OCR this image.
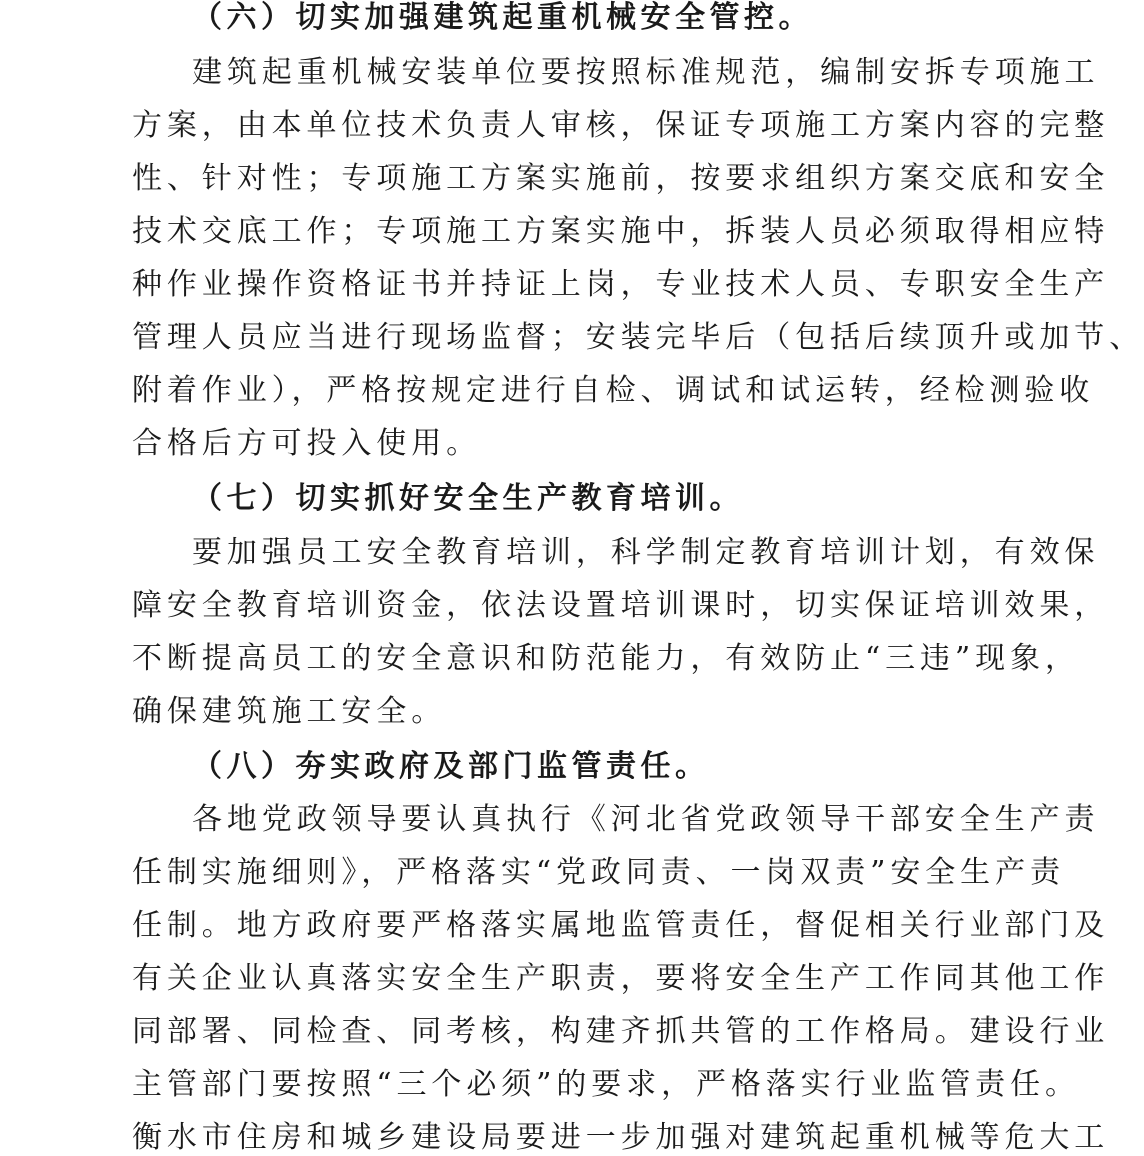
（六）切实加强建筑起重机械安全管控。
建筑起重机械安装单位要按照标准规范，编制安拆专项施工
方案，由本单位技术负责人审核，保证专项施工方案内容的完整
性、针对性；专项施工方案实施前，按要求组织方案交底和安全
技术交底工作；专项施工方案实施中，拆装人员必须取得相应特
种作业操作资格证书并持证上岗，专业技术人员、专职安全生产
管理人员应当进行现场监督；安装完毕后（包括后续顶升或加节、
附着作业），严格按规定进行自检、调试和试运转，经检测验收
合格后方可投入使用。
（七）切实抓好安全生产教育培训。
要加强员工安全教育培训，科学制定教育培训计划，有效保
障安全教育培训资金，依法设置培训课时，切实保证培训效果，
不断提高员工的安全意识和防范能力，有效防止“三违”现象，
确保建筑施工安全。
（八）夯实政府及部门监管责任。
各地党政领导要认真执行《河北省党政领导干部安全生产责
任制实施细则》，严格落实“党政同责、一岗双责”安全生产责
任制。地方政府要严格落实属地监管责任，督促相关行业部门及
有关企业认真落实安全生产职责，要将安全生产工作同其他工作
同部署、同检查、同考核，构建齐抓共管的工作格局。建设行业
主管部门要按照“三个必须”的要求，严格落实行业监管责任。
衡水市住房和城乡建设局要进一步加强对建筑起重机械等危大工
